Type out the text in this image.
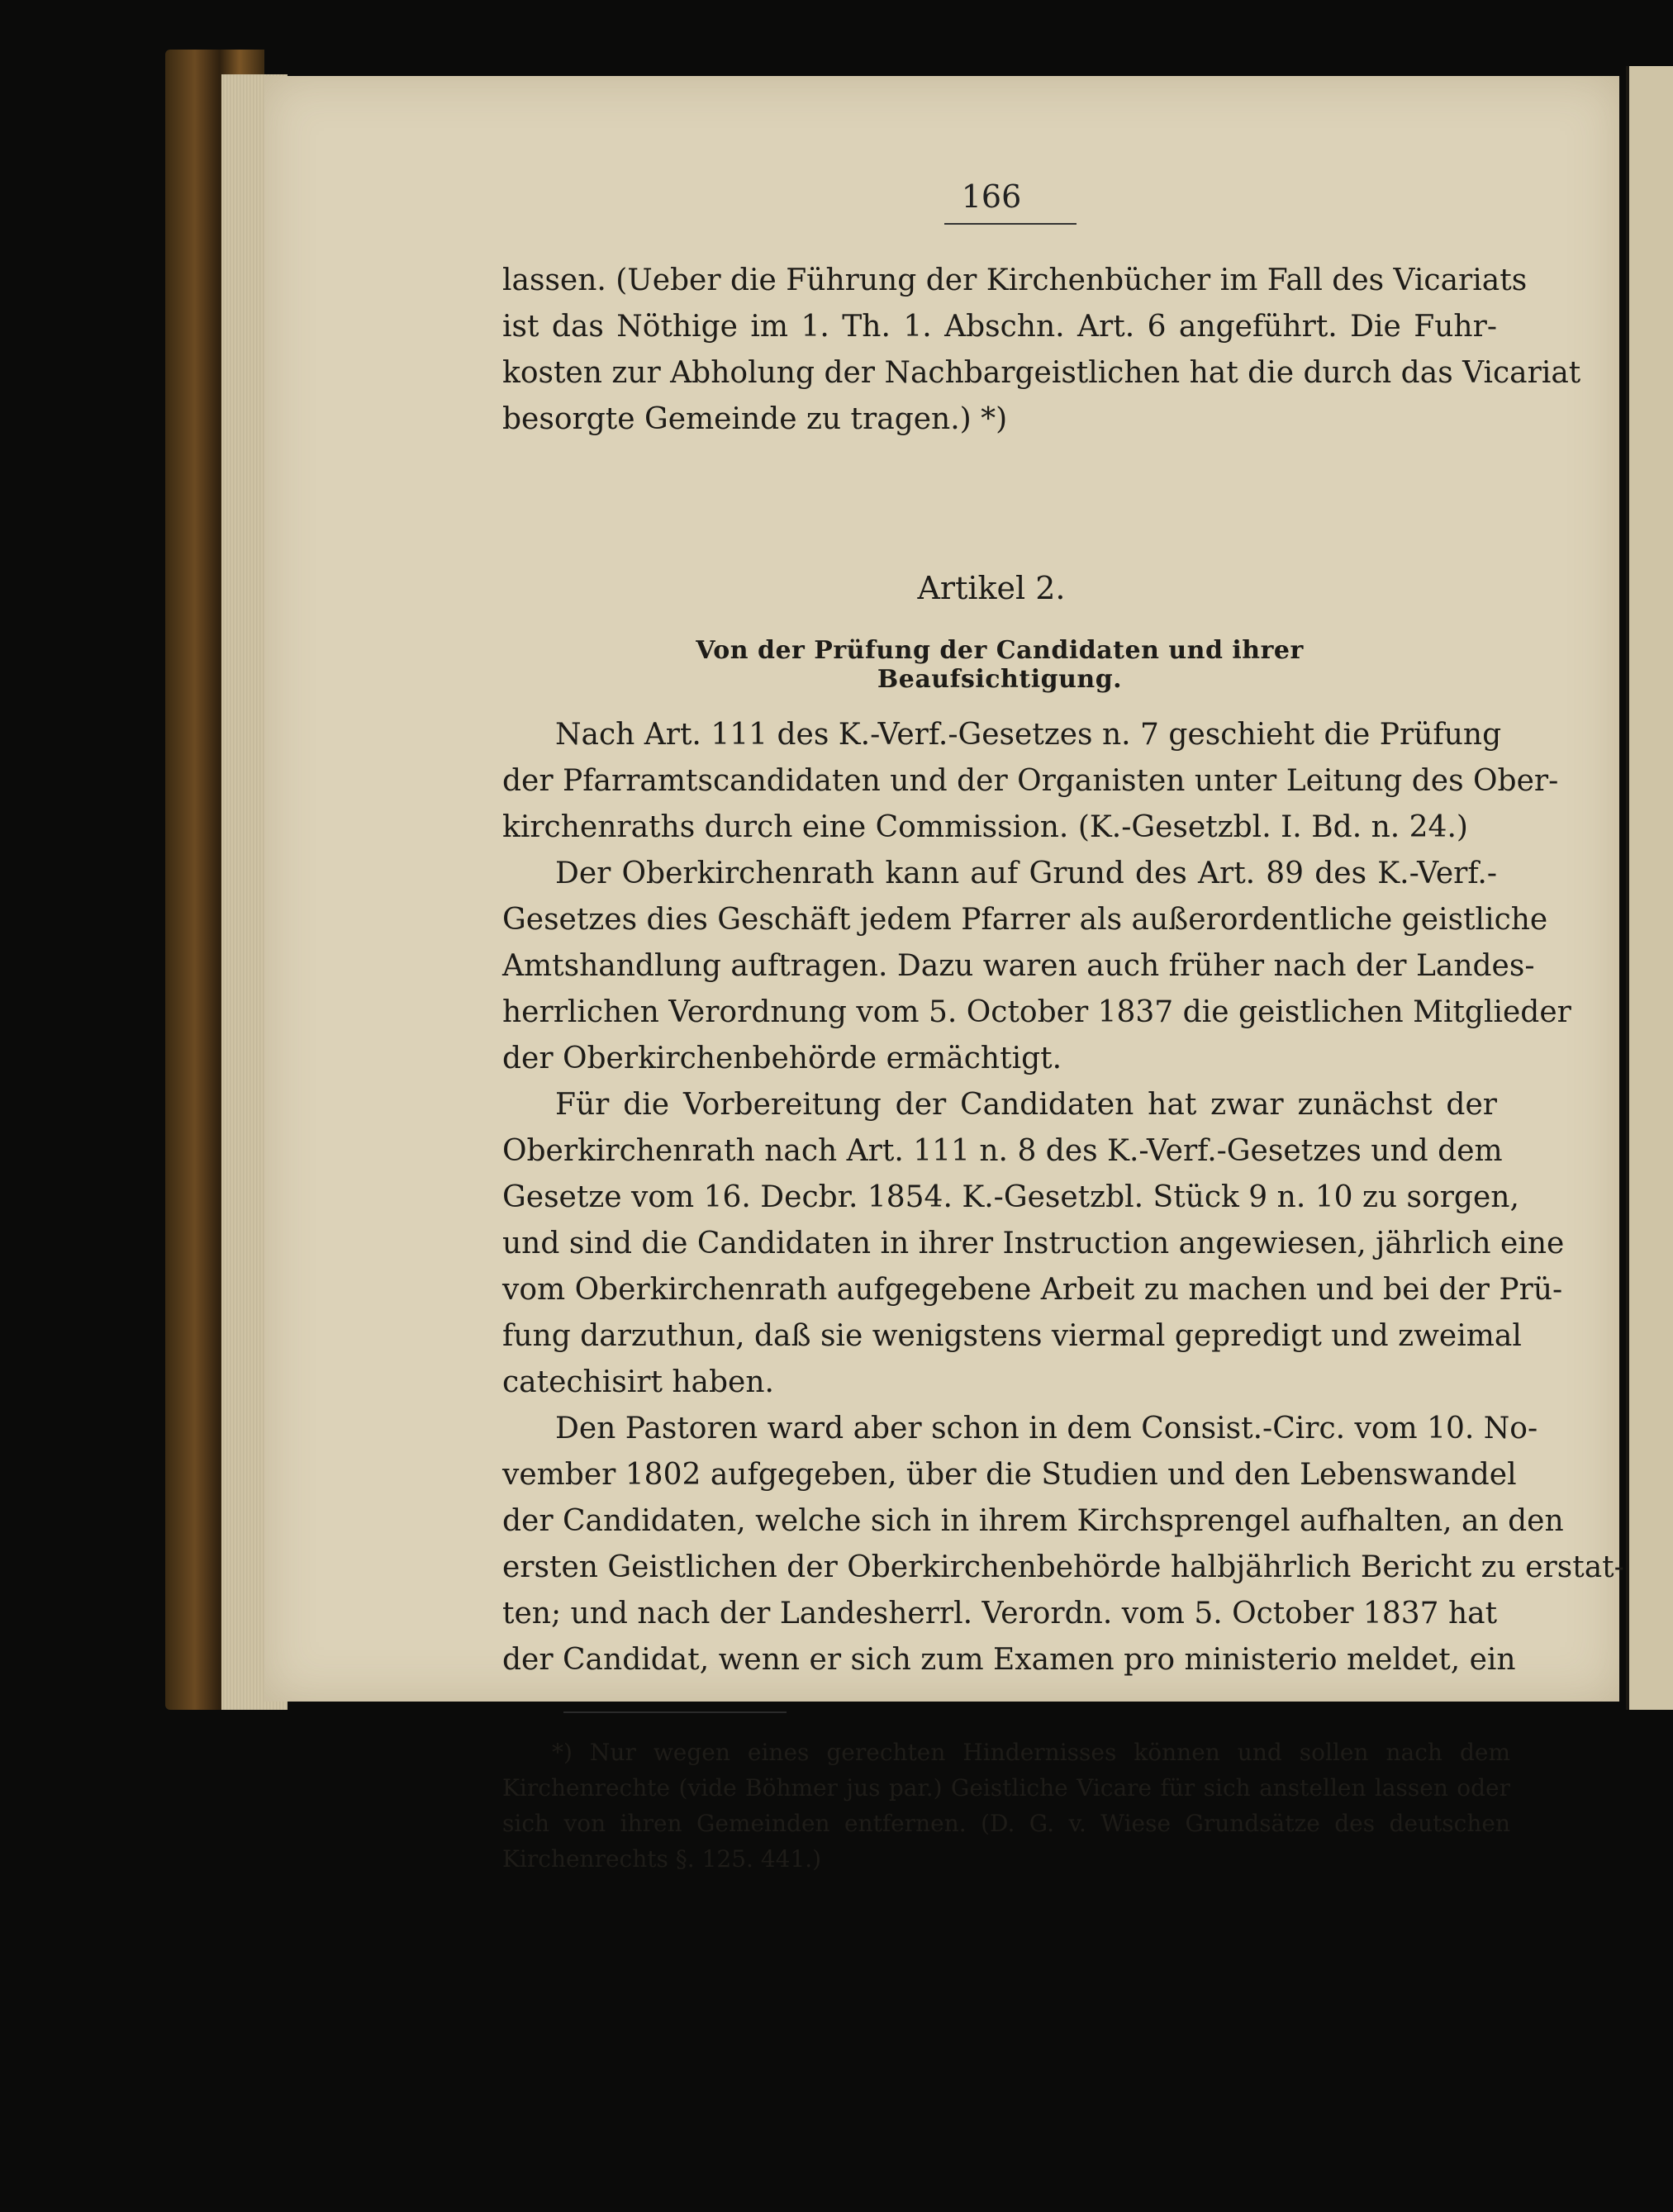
166

lassen. (Ueber die Führung der Kirchenbücher im Fall des Vicariats
ist das Nöthige im 1. Th. 1. Abschn. Art. 6 angeführt. Die Fuhr-
kosten zur Abholung der Nachbargeistlichen hat die durch das Vicariat
besorgte Gemeinde zu tragen.) *)

Artikel 2.
Von der Prüfung der Candidaten und ihrer Beaufsichtigung.

Nach Art. 111 des K.-Verf.-Gesetzes n. 7 geschieht die Prüfung
der Pfarramtscandidaten und der Organisten unter Leitung des Ober-
kirchenraths durch eine Commission. (K.-Gesetzbl. I. Bd. n. 24.)

Der Oberkirchenrath kann auf Grund des Art. 89 des K.-Verf.-
Gesetzes dies Geschäft jedem Pfarrer als außerordentliche geistliche
Amtshandlung auftragen. Dazu waren auch früher nach der Landes-
herrlichen Verordnung vom 5. October 1837 die geistlichen Mitglieder
der Oberkirchenbehörde ermächtigt.

Für die Vorbereitung der Candidaten hat zwar zunächst der
Oberkirchenrath nach Art. 111 n. 8 des K.-Verf.-Gesetzes und dem
Gesetze vom 16. Decbr. 1854. K.-Gesetzbl. Stück 9 n. 10 zu sorgen,
und sind die Candidaten in ihrer Instruction angewiesen, jährlich eine
vom Oberkirchenrath aufgegebene Arbeit zu machen und bei der Prü-
fung darzuthun, daß sie wenigstens viermal gepredigt und zweimal
catechisirt haben.

Den Pastoren ward aber schon in dem Consist.-Circ. vom 10. No-
vember 1802 aufgegeben, über die Studien und den Lebenswandel
der Candidaten, welche sich in ihrem Kirchsprengel aufhalten, an den
ersten Geistlichen der Oberkirchenbehörde halbjährlich Bericht zu erstat-
ten; und nach der Landesherrl. Verordn. vom 5. October 1837 hat
der Candidat, wenn er sich zum Examen pro ministerio meldet, ein

*) Nur wegen eines gerechten Hindernisses können und sollen nach dem
Kirchenrechte (vide Böhmer jus par.) Geistliche Vicare für sich anstellen lassen oder
sich von ihren Gemeinden entfernen. (D. G. v. Wiese Grundsätze des deutschen
Kirchenrechts §. 125. 441.)
